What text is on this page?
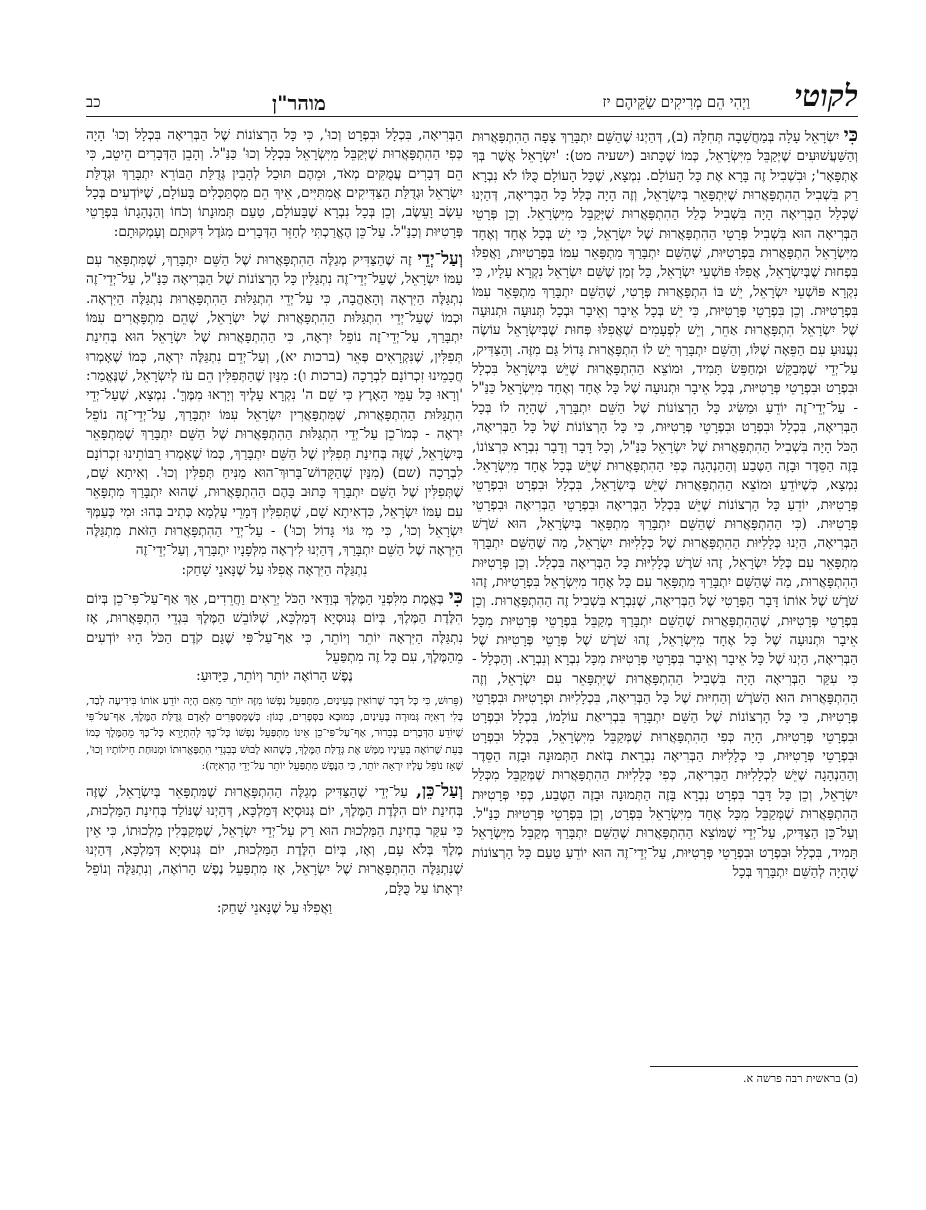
לקוטי
וַיְהִי הֵם מְרִיקִים שַׂקֵּיהֶם יז
מוהר"ן
כב

כִּי יִשְׂרָאֵל עָלָה בְּמַחֲשָׁבָה תְּחִלָּה (ב), דְּהַיְנוּ שֶׁהַשֵּׁם יִתְבָּרַךְ צָפָה הַהִתְפָּאֲרוּת וְהַשַּׁעֲשׁוּעִים שֶׁיְּקַבֵּל מִיִּשְׂרָאֵל, כְּמוֹ שֶׁכָּתוּב (ישעיה מט): 'יִשְׂרָאֵל אֲשֶׁר בְּךָ אֶתְפָּאָר'; וּבִשְׁבִיל זֶה בָּרָא אֶת כָּל הָעוֹלָם. נִמְצָא, שֶׁכָּל הָעוֹלָם כֻּלּוֹ לֹא נִבְרָא רַק בִּשְׁבִיל הַהִתְפָּאֲרוּת שֶׁיִּתְפָּאֵר בְּיִשְׂרָאֵל, וְזֶה הָיָה כְּלַל כָּל הַבְּרִיאָה, דְּהַיְנוּ שֶׁכְּלַל הַבְּרִיאָה הָיָה בִּשְׁבִיל כְּלַל הַהִתְפָּאֲרוּת שֶׁיְּקַבֵּל מִיִּשְׂרָאֵל. וְכֵן פְּרָטֵי הַבְּרִיאָה הוּא בִּשְׁבִיל פְּרָטֵי הַהִתְפָּאֲרוּת שֶׁל יִשְׂרָאֵל, כִּי יֵשׁ בְּכָל אֶחָד וְאֶחָד מִיִּשְׂרָאֵל הִתְפָּאֲרוּת בִּפְרָטִיּוּת, שֶׁהַשֵּׁם יִתְבָּרַךְ מִתְפָּאֵר עִמּוֹ בִּפְרָטִיּוּת, וַאֲפִלּוּ בִּפְחוּת שֶׁבְּיִשְׂרָאֵל, אֲפִלּוּ פּוֹשְׁעֵי יִשְׂרָאֵל, כָּל זְמַן שֶׁשֵּׁם יִשְׂרָאֵל נִקְרָא עָלָיו, כִּי נִקְרָא פּוֹשְׁעֵי יִשְׂרָאֵל, יֵשׁ בּוֹ הִתְפָּאֲרוּת פְּרָטִי, שֶׁהַשֵּׁם יִתְבָּרַךְ מִתְפָּאֵר עִמּוֹ בִּפְרָטִיּוּת. וְכֵן בִּפְרָטֵי פְּרָטִיּוּת, כִּי יֵשׁ בְּכָל אֵיבָר וְאֵיבָר וּבְכָל תְּנוּעָה וּתְנוּעָה שֶׁל יִשְׂרָאֵל הִתְפָּאֲרוּת אַחֵר, וְיֵשׁ לִפְעָמִים שֶׁאֲפִלּוּ פְּחוּת שֶׁבְּיִשְׂרָאֵל עוֹשֶׂה נִעֲנוּעַ עִם הַפֵּאָה שֶׁלּוֹ, וְהַשֵּׁם יִתְבָּרַךְ יֵשׁ לוֹ הִתְפָּאֲרוּת גָּדוֹל גַּם מִזֶּה. וְהַצַּדִּיק, עַל־יְדֵי שֶׁמְּבַקֵּשׁ וּמְחַפֵּשׂ תָּמִיד, וּמוֹצֵא הַהִתְפָּאֲרוּת שֶׁיֵּשׁ בְּיִשְׂרָאֵל בִּכְלָל וּבִפְרָט וּבִפְרָטֵי פְּרָטִיּוּת, בְּכָל אֵיבָר וּתְנוּעָה שֶׁל כָּל אֶחָד וְאֶחָד מִיִּשְׂרָאֵל כַּנַּ"ל - עַל־יְדֵי־זֶה יוֹדֵעַ וּמַשִּׂיג כָּל הָרְצוֹנוֹת שֶׁל הַשֵּׁם יִתְבָּרַךְ, שֶׁהָיָה לוֹ בְּכָל הַבְּרִיאָה, בִּכְלָל וּבִפְרָט וּבִפְרָטֵי פְּרָטִיּוּת, כִּי כָּל הָרְצוֹנוֹת שֶׁל כָּל הַבְּרִיאָה, הַכֹּל הָיָה בִּשְׁבִיל הַהִתְפָּאֲרוּת שֶׁל יִשְׂרָאֵל כַּנַּ"ל, וְכָל דָּבָר וְדָבָר נִבְרָא כִּרְצוֹנוֹ, בָּזֶה הַסֵּדֶר וּבָזֶה הַטֶּבַע וְהַהַנְהָגָה כְּפִי הַהִתְפָּאֲרוּת שֶׁיֵּשׁ בְּכָל אֶחָד מִיִּשְׂרָאֵל. נִמְצָא, כְּשֶׁיּוֹדֵעַ וּמוֹצֵא הַהִתְפָּאֲרוּת שֶׁיֵּשׁ בְּיִשְׂרָאֵל, בִּכְלָל וּבִפְרָט וּבִפְרָטֵי פְּרָטִיּוּת, יוֹדֵעַ כָּל הָרְצוֹנוֹת שֶׁיֵּשׁ בִּכְלַל הַבְּרִיאָה וּבִפְרָטֵי הַבְּרִיאָה וּבִפְרָטֵי פְּרָטִיּוּת. (כִּי הַהִתְפָּאֲרוּת שֶׁהַשֵּׁם יִתְבָּרַךְ מִתְפָּאֵר בְּיִשְׂרָאֵל, הוּא שֹׁרֶשׁ הַבְּרִיאָה, הַיְנוּ כְּלָלִיּוּת הַהִתְפָּאֲרוּת שֶׁל כְּלָלִיּוּת יִשְׂרָאֵל, מַה שֶּׁהַשֵּׁם יִתְבָּרַךְ מִתְפָּאֵר עִם כְּלַל יִשְׂרָאֵל, זֶהוּ שֹׁרֶשׁ כְּלָלִיּוּת כָּל הַבְּרִיאָה בִּכְלָל. וְכֵן פְּרָטִיּוּת הַהִתְפָּאֲרוּת, מַה שֶּׁהַשֵּׁם יִתְבָּרַךְ מִתְפָּאֵר עִם כָּל אֶחָד מִיִּשְׂרָאֵל בִּפְרָטִיּוּת, זֶהוּ שֹׁרֶשׁ שֶׁל אוֹתוֹ דָּבָר הַפְּרָטִי שֶׁל הַבְּרִיאָה, שֶׁנִּבְרָא בִּשְׁבִיל זֶה הַהִתְפָּאֲרוּת. וְכֵן בִּפְרָטֵי פְּרָטִיּוּת, שֶׁהַהִתְפָּאֲרוּת שֶׁהַשֵּׁם יִתְבָּרַךְ מְקַבֵּל בִּפְרָטֵי פְּרָטִיּוּת מִכָּל אֵיבָר וּתְנוּעָה שֶׁל כָּל אֶחָד מִיִּשְׂרָאֵל, זֶהוּ שֹׁרֶשׁ שֶׁל פְּרָטֵי פְּרָטִיּוּת שֶׁל הַבְּרִיאָה, הַיְנוּ שֶׁל כָּל אֵיבָר וְאֵיבָר בִּפְרָטֵי פְּרָטִיּוּת מִכָּל נִבְרָא וְנִבְרָא. וְהַכְּלָל - כִּי עִקַּר הַבְּרִיאָה הָיָה בִּשְׁבִיל הַהִתְפָּאֲרוּת שֶׁיִּתְפָּאֵר עִם יִשְׂרָאֵל, וְזֶה הַהִתְפָּאֲרוּת הוּא הַשֹּׁרֶשׁ וְהַחִיּוּת שֶׁל כָּל הַבְּרִיאָה, בִּכְלָלִיּוּת וּפְרָטִיּוּת וּבִפְרָטֵי פְּרָטִיּוּת, כִּי כָּל הָרְצוֹנוֹת שֶׁל הַשֵּׁם יִתְבָּרַךְ בִּבְרִיאַת עוֹלָמוֹ, בִּכְלָל וּבִפְרָט וּבִפְרָטֵי פְּרָטִיּוּת, הָיָה כְּפִי הַהִתְפָּאֲרוּת שֶׁמְּקַבֵּל מִיִּשְׂרָאֵל, בִּכְלָל וּבִפְרָט וּבִפְרָטֵי פְּרָטִיּוּת, כִּי כְּלָלִיּוּת הַבְּרִיאָה נִבְרֵאת בְּזֹאת הַתְּמוּנָה וּבָזֶה הַסֵּדֶר וְהַהַנְהָגָה שֶׁיֵּשׁ לִכְלָלִיּוּת הַבְּרִיאָה, כְּפִי כְּלָלִיּוּת הַהִתְפָּאֲרוּת שֶׁמְּקַבֵּל מִכְּלַל יִשְׂרָאֵל, וְכֵן כָּל דָּבָר בִּפְרָט נִבְרָא בָּזֶה הַתְּמוּנָה וּבָזֶה הַטֶּבַע, כְּפִי פְּרָטִיּוּת הַהִתְפָּאֲרוּת שֶׁמְּקַבֵּל מִכָּל אֶחָד מִיִּשְׂרָאֵל בִּפְרָט, וְכֵן בִּפְרָטֵי פְּרָטִיּוּת כַּנַּ"ל. וְעַל־כֵּן הַצַּדִּיק, עַל־יְדֵי שֶׁמּוֹצֵא הַהִתְפָּאֲרוּת שֶׁהַשֵּׁם יִתְבָּרַךְ מְקַבֵּל מִיִּשְׂרָאֵל תָּמִיד, בִּכְלָל וּבִפְרָט וּבִפְרָטֵי פְּרָטִיּוּת, עַל־יְדֵי־זֶה הוּא יוֹדֵעַ טַעַם כָּל הָרְצוֹנוֹת שֶׁהָיָה לְהַשֵּׁם יִתְבָּרַךְ בְּכָל

הַבְּרִיאָה, בִּכְלָל וּבִפְרָט וְכוּ', כִּי כָּל הָרְצוֹנוֹת שֶׁל הַבְּרִיאָה בִּכְלָל וְכוּ' הָיָה כְּפִי הַהִתְפָּאֲרוּת שֶׁיְּקַבֵּל מִיִּשְׂרָאֵל בִּכְלָל וְכוּ' כַּנַּ"ל. וְהָבֵן הַדְּבָרִים הֵיטֵב, כִּי הֵם דְּבָרִים עֲמֻקִּים מְאֹד, וּמֵהֶם תּוּכַל לְהָבִין גְּדֻלַּת הַבּוֹרֵא יִתְבָּרַךְ וּגְדֻלַּת יִשְׂרָאֵל וּגְדֻלַּת הַצַּדִּיקִים אֲמִתִּיִּים, אֵיךְ הֵם מִסְתַּכְּלִים בָּעוֹלָם, שֶׁיּוֹדְעִים בְּכָל עֵשֶׂב וָעֵשֶׂב, וְכֵן בְּכָל נִבְרָא שֶׁבָּעוֹלָם, טַעַם תְּמוּנָתוֹ וְכֹחוֹ וְהַנְהָגָתוֹ בִּפְרָטֵי פְּרָטִיּוּת וְכַנַּ"ל. עַל־כֵּן הֶאֱרַכְתִּי לְחַזֵּר הַדְּבָרִים מִגֹּדֶל דִּקּוּתָם וְעָמְקוּתָם:

וְעַל־יְדֵי זֶה שֶׁהַצַּדִּיק מְגַלֶּה הַהִתְפָּאֲרוּת שֶׁל הַשֵּׁם יִתְבָּרַךְ, שֶׁמִּתְפָּאֵר עִם עַמּוֹ יִשְׂרָאֵל, שֶׁעַל־יְדֵי־זֶה נִתְגַּלִּין כָּל הָרְצוֹנוֹת שֶׁל הַבְּרִיאָה כַּנַּ"ל, עַל־יְדֵי־זֶה נִתְגַּלֶּה הַיִּרְאָה וְהָאַהֲבָה, כִּי עַל־יְדֵי הִתְגַּלּוּת הַהִתְפָּאֲרוּת נִתְגַּלֶּה הַיִּרְאָה. וּכְמוֹ שֶׁעַל־יְדֵי הִתְגַּלּוּת הַהִתְפָּאֲרוּת שֶׁל יִשְׂרָאֵל, שֶׁהֵם מִתְפָּאֲרִים עִמּוֹ יִתְבָּרַךְ, עַל־יְדֵי־זֶה נוֹפֵל יִרְאָה, כִּי הַהִתְפָּאֲרוּת שֶׁל יִשְׂרָאֵל הוּא בְּחִינַת תְּפִלִּין, שֶׁנִּקְרָאִים פְּאֵר (ברכות יא), וְעַל־יְדֵם נִתְגַּלֶּה יִרְאָה, כְּמוֹ שֶׁאָמְרוּ חֲכָמֵינוּ זִכְרוֹנָם לִבְרָכָה (ברכות ו): מִנַּיִן שֶׁהַתְּפִלִּין הֵם עֹז לְיִשְׂרָאֵל, שֶׁנֶּאֱמַר: 'וְרָאוּ כָּל עַמֵּי הָאָרֶץ כִּי שֵׁם ה' נִקְרָא עָלֶיךָ וְיָרְאוּ מִמֶּךָּ'. נִמְצָא, שֶׁעַל־יְדֵי הִתְגַּלּוּת הַהִתְפָּאֲרוּת, שֶׁמִּתְפָּאֲרִין יִשְׂרָאֵל עִמּוֹ יִתְבָּרַךְ, עַל־יְדֵי־זֶה נוֹפֵל יִרְאָה - כְּמוֹ־כֵן עַל־יְדֵי הִתְגַּלּוּת הַהִתְפָּאֲרוּת שֶׁל הַשֵּׁם יִתְבָּרַךְ שֶׁמִּתְפָּאֵר בְּיִשְׂרָאֵל, שֶׁזֶּה בְּחִינַת תְּפִלִּין שֶׁל הַשֵּׁם יִתְבָּרַךְ, כְּמוֹ שֶׁאָמְרוּ רַבּוֹתֵינוּ זִכְרוֹנָם לִבְרָכָה (שם) (מִנַּיִן שֶׁהַקָּדוֹשׁ־בָּרוּךְ־הוּא מַנִּיחַ תְּפִלִּין וְכוּ'. וְאִיתָא שָׁם, שֶׁתְּפִלִּין שֶׁל הַשֵּׁם יִתְבָּרַךְ כָּתוּב בָּהֶם הַהִתְפָּאֲרוּת, שֶׁהוּא יִתְבָּרַךְ מִתְפָּאֵר עִם עַמּוֹ יִשְׂרָאֵל, כִּדְאִיתָא שָׁם, שֶׁתְּפִלִּין דְּמָרֵי עָלְמָא כְּתִיב בְּהוּ: וּמִי כְּעַמְּךָ יִשְׂרָאֵל וְכוּ', כִּי מִי גּוֹי גָּדוֹל וְכוּ') - עַל־יְדֵי הַהִתְפָּאֲרוּת הַזֹּאת מִתְגַּלֶּה הַיִּרְאָה שֶׁל הַשֵּׁם יִתְבָּרַךְ, דְּהַיְנוּ לִירְאָה מִלְּפָנָיו יִתְבָּרַךְ, וְעַל־יְדֵי־זֶה

נִתְגַּלֶּה הַיִּרְאָה אֲפִלּוּ עַל שֶׁנָּאנֵי שָׁחַק:

כִּי בֶּאֱמֶת מִלִּפְנֵי הַמֶּלֶךְ בְּוַדַּאי הַכֹּל יְרֵאִים וַחֲרֵדִים, אַךְ אַף־עַל־פִּי־כֵן בְּיוֹם הִלֶּדֶת הַמֶּלֶךְ, בְּיוֹם גְּנוּסְיָא דְּמַלְכָּא, שֶׁלּוֹבֵשׁ הַמֶּלֶךְ בִּגְדֵי הִתְפָּאֲרוּת, אָז נִתְגַּלֶּה הַיִּרְאָה יוֹתֵר וְיוֹתֵר, כִּי אַף־עַל־פִּי שֶׁגַּם קֹדֶם הַכֹּל הָיוּ יוֹדְעִים מֵהַמֶּלֶךְ, עִם כָּל זֶה מִתְפַּעֵל

נֶפֶשׁ הָרוֹאֶה יוֹתֵר וְיוֹתֵר, כַּיָּדוּעַ:

(פֵּרוּשׁ, כִּי כָּל דָּבָר שֶׁרוֹאִין בְּעֵינַיִם, מִתְפַּעֵל נַפְשׁוֹ מִזֶּה יוֹתֵר מֵאִם הָיָה יוֹדֵעַ אוֹתוֹ בִּידִיעָה לְבַד, בְּלִי רְאִיָּה גְּמוּרָה בָּעֵינַיִם, כְּמוּבָא בַּסְּפָרִים, כְּגוֹן: כְּשֶׁמְּסַפְּרִים לְאָדָם גְּדֻלַּת הַמֶּלֶךְ, אַף־עַל־פִּי שֶׁיּוֹדֵעַ הַדְּבָרִים בְּבֵרוּר, אַף־עַל־פִּי־כֵן אֵינוֹ מִתְפַּעֵל נַפְשׁוֹ כָּל־כָּךְ לְהִתְיָרֵא כָּל־כָּךְ מֵהַמֶּלֶךְ כְּמוֹ בְּעֵת שֶׁרוֹאֶה בְּעֵינָיו מַמָּשׁ אֶת גְּדֻלַּת הַמֶּלֶךְ, כְּשֶׁהוּא לָבוּשׁ בְּבִגְדֵי הִתְפָּאֲרוּתוֹ וּמְנוּחַת חֵילוֹתָיו וְכוּ', שֶׁאָז נוֹפֵל עָלָיו יִרְאָה יוֹתֵר, כִּי הַנֶּפֶשׁ מִתְפַּעֵל יוֹתֵר עַל־יְדֵי הָרְאִיָּה):

וְעַל־כֵּן, עַל־יְדֵי שֶׁהַצַּדִּיק מְגַלֶּה הַהִתְפָּאֲרוּת שֶׁמִּתְפָּאֵר בְּיִשְׂרָאֵל, שֶׁזֶּה בְּחִינַת יוֹם הִלֶּדֶת הַמֶּלֶךְ, יוֹם גְּנוּסְיָא דְּמַלְכָּא, דְּהַיְנוּ שֶׁנּוֹלַד בְּחִינַת הַמַּלְכוּת, כִּי עִקַּר בְּחִינַת הַמַּלְכוּת הוּא רַק עַל־יְדֵי יִשְׂרָאֵל, שֶׁמְּקַבְּלִין מַלְכוּתוֹ, כִּי אֵין מֶלֶךְ בְּלֹא עָם, וְאָז, בְּיוֹם הִלֶּדֶת הַמַּלְכוּת, יוֹם גְּנוּסְיָא דְּמַלְכָּא, דְּהַיְנוּ שֶׁנִּתְגַּלֶּה הַהִתְפָּאֲרוּת שֶׁל יִשְׂרָאֵל, אָז מִתְפַּעֵל נֶפֶשׁ הָרוֹאֶה, וְנִתְגַּלֶּה וְנוֹפֵל יִרְאָתוֹ עַל כֻּלָּם,

וַאֲפִלּוּ עַל שֶׁנָּאנֵי שָׁחַק:

(ב) בראשית רבה פרשה א.
